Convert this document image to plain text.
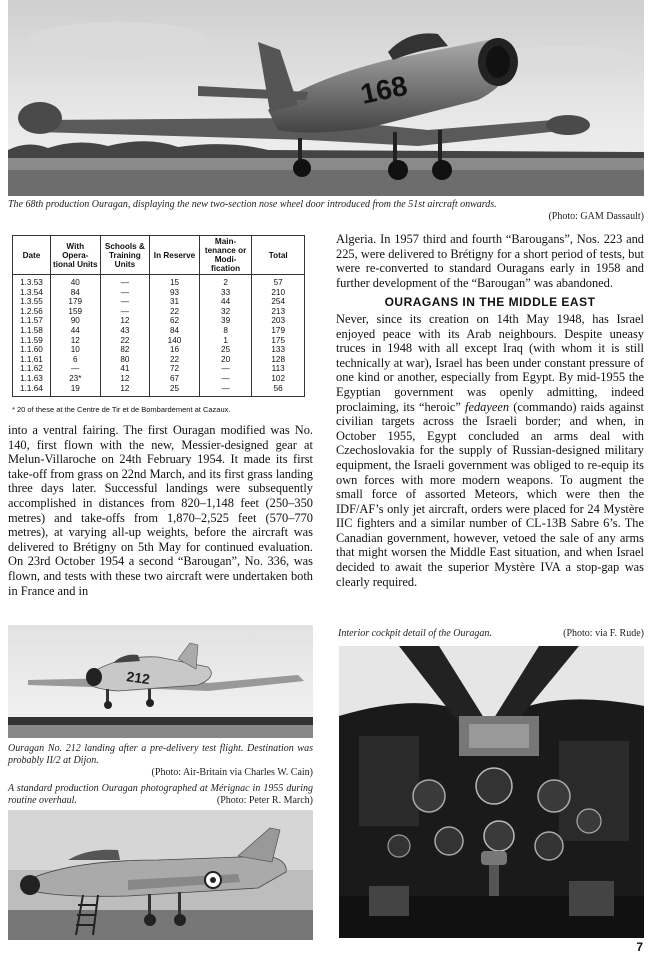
168
The 68th production Ouragan, displaying the new two-section nose wheel door introduced from the 51st aircraft onwards.
(Photo: GAM Dassault)
Date	With Opera- tional Units	Schools & Training Units	In Reserve	Main- tenance or Modi- fication	Total
1.3.53	40	—	15	2	57
1.3.54	84	—	93	33	210
1.3.55	179	—	31	44	254
1.2.56	159	—	22	32	213
1.1.57	90	12	62	39	203
1.1.58	44	43	84	8	179
1.1.59	12	22	140	1	175
1.1.60	10	82	16	25	133
1.1.61	6	80	22	20	128
1.1.62	—	41	72	—	113
1.1.63	23*	12	67	—	102
1.1.64	19	12	25	—	56
* 20 of these at the Centre de Tir et de Bombardement at Cazaux.

into a ventral fairing. The first Ouragan modified was No. 140, first flown with the new, Messier-designed gear at Melun-Villaroche on 24th February 1954. It made its first take-off from grass on 22nd March, and its first grass landing three days later. Successful landings were subsequently accomplished in distances from 820–1,148 feet (250–350 metres) and take-offs from 1,870–2,525 feet (570–770 metres), at varying all-up weights, before the aircraft was delivered to Brétigny on 5th May for continued evaluation. On 23rd October 1954 a second “Barougan”, No. 336, was flown, and tests with these two aircraft were undertaken both in France and in

Algeria. In 1957 third and fourth “Barougans”, Nos. 223 and 225, were delivered to Brétigny for a short period of tests, but were re-converted to standard Ouragans early in 1958 and further development of the “Barougan” was abandoned.

OURAGANS IN THE MIDDLE EAST

Never, since its creation on 14th May 1948, has Israel enjoyed peace with its Arab neighbours. Despite uneasy truces in 1948 with all except Iraq (with whom it is still technically at war), Israel has been under constant pressure of one kind or another, especially from Egypt. By mid-1955 the Egyptian government was openly admitting, indeed proclaiming, its “heroic” fedayeen (commando) raids against civilian targets across the Israeli border; and when, in October 1955, Egypt concluded an arms deal with Czechoslovakia for the supply of Russian-designed military equipment, the Israeli government was obliged to re-equip its own forces with more modern weapons. To augment the small force of assorted Meteors, which were then the IDF/AF’s only jet aircraft, orders were placed for 24 Mystère IIC fighters and a similar number of CL-13B Sabre 6’s. The Canadian government, however, vetoed the sale of any arms that might worsen the Middle East situation, and when Israel decided to await the superior Mystère IVA a stop-gap was clearly required.

Interior cockpit detail of the Ouragan.	(Photo: via F. Rude)
212
Ouragan No. 212 landing after a pre-delivery test flight. Destination was probably II/2 at Dijon.
(Photo: Air-Britain via Charles W. Cain)
A standard production Ouragan photographed at Mérignac in 1955 during routine overhaul.	(Photo: Peter R. March)
7
